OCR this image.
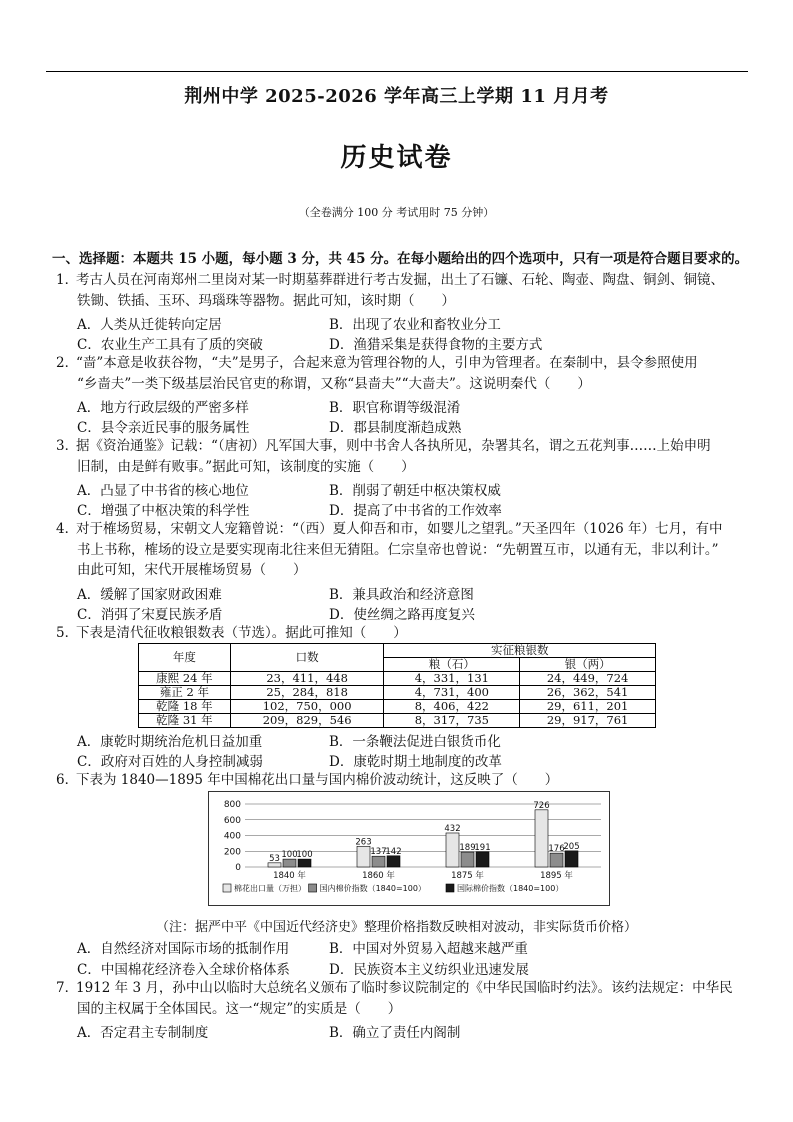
荆州中学 2025-2026 学年高三上学期 11 月月考
历史试卷
（全卷满分 100 分 考试用时 75 分钟）
一、选择题：本题共 15 小题，每小题 3 分，共 45 分。在每小题给出的四个选项中，只有一项是符合题目要求的。
1．考古人员在河南郑州二里岗对某一时期墓葬群进行考古发掘，出土了石镰、石轮、陶壶、陶盘、铜剑、铜镜、
铁锄、铁插、玉环、玛瑙珠等器物。据此可知，该时期（　　）
A．人类从迁徙转向定居	B．出现了农业和畜牧业分工
C．农业生产工具有了质的突破	D．渔猎采集是获得食物的主要方式
2．“啬”本意是收获谷物，“夫”是男子，合起来意为管理谷物的人，引申为管理者。在秦制中，县令参照使用
“乡啬夫”一类下级基层治民官吏的称谓，又称“县啬夫”“大啬夫”。这说明秦代（　　）
A．地方行政层级的严密多样	B．职官称谓等级混淆
C．县令亲近民事的服务属性	D．郡县制度渐趋成熟
3．据《资治通鉴》记载：“（唐初）凡军国大事，则中书舍人各执所见，杂署其名，谓之五花判事……上始申明
旧制，由是鲜有败事。”据此可知，该制度的实施（　　）
A．凸显了中书省的核心地位	B．削弱了朝廷中枢决策权威
C．增强了中枢决策的科学性	D．提高了中书省的工作效率
4．对于榷场贸易，宋朝文人宠籍曾说：“（西）夏人仰吾和市，如婴儿之望乳。”天圣四年（1026 年）七月，有中
书上书称，榷场的设立是要实现南北往来但无猜阻。仁宗皇帝也曾说：“先朝置互市，以通有无，非以利计。”
由此可知，宋代开展榷场贸易（　　）
A．缓解了国家财政困难	B．兼具政治和经济意图
C．消弭了宋夏民族矛盾	D．使丝绸之路再度复兴
5．下表是清代征收粮银数表（节选）。据此可推知（　　）
年度	口数	实征粮银数	
		粮（石）	银（两）
康熙 24 年	23，411，448	4，331，131	24，449，724
雍正 2 年	25，284，818	4，731，400	26，362，541
乾隆 18 年	102，750，000	8，406，422	29，611，201
乾隆 31 年	209，829，546	8，317，735	29，917，761
A．康乾时期统治危机日益加重	B．一条鞭法促进白银货币化
C．政府对百姓的人身控制减弱	D．康乾时期土地制度的改革
6．下表为 1840—1895 年中国棉花出口量与国内棉价波动统计，这反映了（　　）
0
200
400
600
800
53 100
100
1840 年
263
137
142
1860 年
432
189
191
1875 年
726
176
205
1895 年
棉花出口量（万担） 国内棉价指数（1840=100）	国际棉价指数（1840=100）
（注：据严中平《中国近代经济史》整理价格指数反映相对波动，非实际货币价格）
A．自然经济对国际市场的抵制作用	B．中国对外贸易入超越来越严重
C．中国棉花经济卷入全球价格体系	D．民族资本主义纺织业迅速发展
7．1912 年 3 月，孙中山以临时大总统名义颁布了临时参议院制定的《中华民国临时约法》。该约法规定：中华民
国的主权属于全体国民。这一“规定”的实质是（　　）
A．否定君主专制制度	B．确立了责任内阁制
